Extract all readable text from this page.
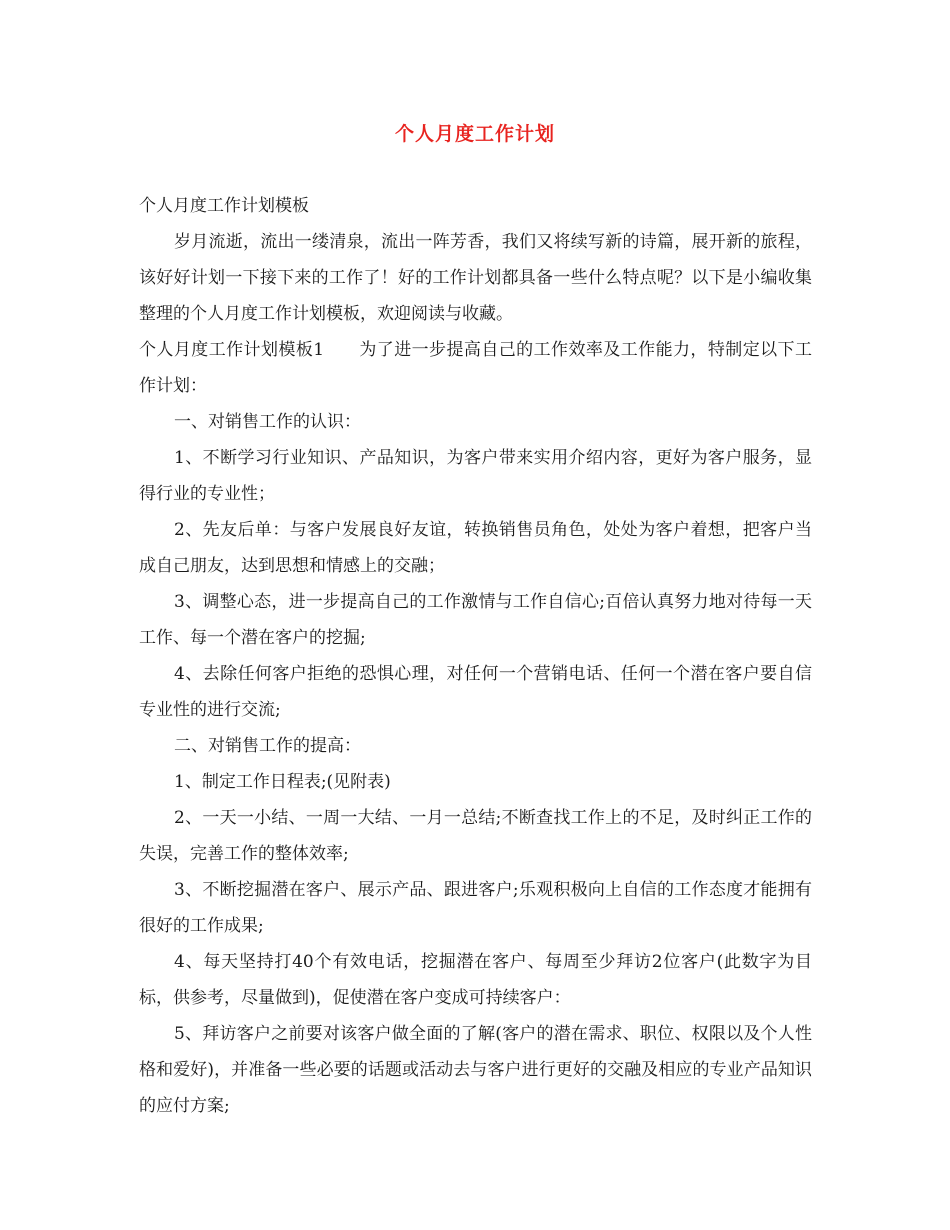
个人月度工作计划

个人月度工作计划模板

岁月流逝，流出一缕清泉，流出一阵芳香，我们又将续写新的诗篇，展开新的旅程，该好好计划一下接下来的工作了！好的工作计划都具备一些什么特点呢？以下是小编收集整理的个人月度工作计划模板，欢迎阅读与收藏。

个人月度工作计划模板1　　为了进一步提高自己的工作效率及工作能力，特制定以下工作计划：

一、对销售工作的认识：

1、不断学习行业知识、产品知识，为客户带来实用介绍内容，更好为客户服务，显得行业的专业性；

2、先友后单：与客户发展良好友谊，转换销售员角色，处处为客户着想，把客户当成自己朋友，达到思想和情感上的交融；

3、调整心态，进一步提高自己的工作激情与工作自信心;百倍认真努力地对待每一天工作、每一个潜在客户的挖掘;

4、去除任何客户拒绝的恐惧心理，对任何一个营销电话、任何一个潜在客户要自信专业性的进行交流;

二、对销售工作的提高：

1、制定工作日程表;(见附表)

2、一天一小结、一周一大结、一月一总结;不断查找工作上的不足，及时纠正工作的失误，完善工作的整体效率;

3、不断挖掘潜在客户、展示产品、跟进客户;乐观积极向上自信的工作态度才能拥有很好的工作成果;

4、每天坚持打40个有效电话，挖掘潜在客户、每周至少拜访2位客户(此数字为目标，供参考，尽量做到)，促使潜在客户变成可持续客户：

5、拜访客户之前要对该客户做全面的了解(客户的潜在需求、职位、权限以及个人性格和爱好)，并准备一些必要的话题或活动去与客户进行更好的交融及相应的专业产品知识的应付方案;
